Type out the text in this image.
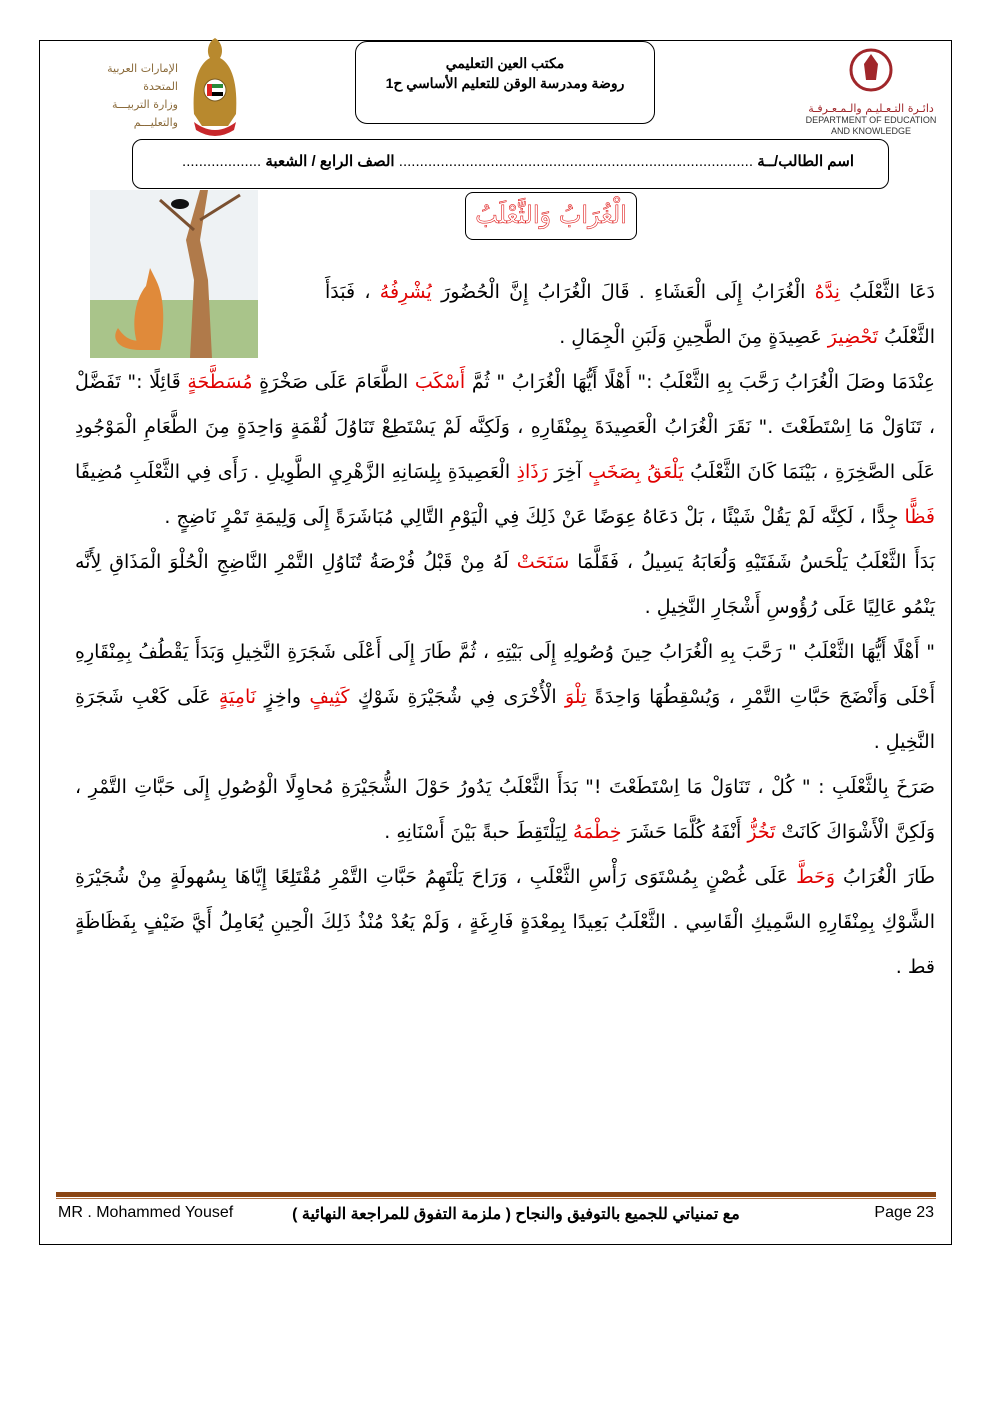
الإمارات العربية المتحدة
وزارة التربيـــة والتعليـــم
مكتب العين التعليمي
روضة ومدرسة الوقن للتعليم الأساسي ح1
دائـرة التـعـليـم والـمـعـرفـة
DEPARTMENT OF EDUCATION
AND KNOWLEDGE
اسم الطالب/ــة ..................................................................................... الصف الرابع / الشعبة ...................
الْغُرَابُ وَالثَّعْلَبُ

دَعَا الثَّعْلَبُ نِدَّهُ الْغُرَابُ إِلَى الْعَشَاءِ . قَالَ الْغُرَابُ إِنَّ الْحُضُورَ يُشْرِفُهُ ، فَبَدَأَ الثَّعْلَبُ تَحْضِيرَ عَصِيدَةٍ مِنَ الطَّحِينِ وَلَبَنِ الْجِمَالِ .

عِنْدَمَا وصَلَ الْغُرَابُ رَحَّبَ بِهِ الثَّعْلَبُ :" أَهْلًا أَيُّهَا الْغُرَابُ " ثُمَّ أَسْكَبَ الطَّعَامَ عَلَى صَخْرَةٍ مُسَطَّحَةٍ قَائِلًا :" تَفَضَّلْ ، تَنَاوَلْ مَا اِسْتَطَعْتَ ." نَقَرَ الْغُرَابُ الْعَصِيدَةَ بِمِنْقَارِهِ ، وَلَكِنَّه لَمْ يَسْتَطِعْ تَنَاوُلَ لُقْمَةٍ وَاحِدَةٍ مِنَ الطَّعَامِ الْمَوْجُودِ عَلَى الصَّخِرَةِ ، بَيْنَمَا كَانَ الثَّعْلَبُ يَلْعَقُ بِصَخَبٍ آخِرَ رَذَاذِ الْعَصِيدَةِ بِلِسَانِهِ الزَّهْرِيِ الطَّوِيلِ . رَأَى فِي الثَّعْلَبِ مُضِيفًا فَظًّا جِدًّا ، لَكِنَّه لَمْ يَقُلْ شَيْئًا ، بَلْ دَعَاهُ عِوَضًا عَنْ ذَلِكَ فِي الْيَوْمِ التَّالِي مُبَاشَرَةً إِلَى وَلِيمَةِ تَمْرٍ نَاضِجٍ .

بَدَأَ الثَّعْلَبُ يَلْحَسُ شَفَتَيْهِ وَلُعَابَهُ يَسِيلُ ، فَقَلَّمَا سَنَحَتْ لَهُ مِنْ قَبْلُ فُرْصَةُ تُنَاوُلِ التَّمْرِ النَّاضِجِ الْحُلْوَ الْمَذَاقِ لِأَنَّه يَنْمُو عَالِيًا عَلَى رُؤُوسِ أَشْجَارِ النَّخِيلِ .

" أَهْلًا أَيُّهَا الثَّعْلَبُ " رَحَّبَ بِهِ الْغُرَابُ حِينَ وُصُولِهِ إِلَى بَيْتِهِ ، ثُمَّ طَارَ إِلَى أَعْلَى شَجَرَةِ النَّخِيلِ وَبَدَأَ يَقْطُفُ بِمِنْقَارِهِ أَحْلَى وَأَنْضَجَ حَبَّاتِ التَّمْرِ ، وَيُسْقِطُهَا وَاحِدَةً تِلْوَ الْأُخْرَى فِي شُجَيْرَةِ شَوْكٍ كَثِيفٍ واخِزٍ نَامِيَةٍ عَلَى كَعْبِ شَجَرَةِ النَّخِيلِ .

صَرَخَ بِالثَّعْلَبِ : " كُلْ ، تَنَاوَلْ مَا اِسْتَطَعْتَ !" بَدَأَ الثَّعْلَبُ يَدُورُ حَوْلَ الشُّجَيْرَةِ مُحاوِلًا الْوُصُولِ إِلَى حَبَّاتِ التَّمْرِ ، وَلَكِنَّ الْأَشْوَاكَ كَانَتْ تَخُزُّ أَنْفَهُ كُلَّمَا حَشَرَ خِطْمَهُ لِيَلْتَقِطَ حبةً بَيْنَ أَسْنَانِهِ .

طَارَ الْغُرَابُ وَحَطَّ عَلَى غُصْنٍ بِمُسْتَوَى رَأْسِ الثَّعْلَبِ ، وَرَاحَ يَلْتَهِمُ حَبَّاتِ التَّمْرِ مُقْتَلِعًا إِيَّاهَا بِسُهولَةٍ مِنْ شُجَيْرَةِ الشَّوْكِ بِمِنْقَارِهِ السَّمِيكِ الْقَاسِي . الثَّعْلَبُ بَعِيدًا بِمِعْدَةٍ فَارِغَةٍ ، وَلَمْ يَعُدْ مُنْذُ ذَلِكَ الْحِينِ يُعَامِلُ أَيَّ ضَيْفٍ بِفَظَاظَةٍ قط .

MR . Mohammed Yousef	مع تمنياتي للجميع بالتوفيق والنجاح ( ملزمة التفوق للمراجعة النهائية )	Page 23
